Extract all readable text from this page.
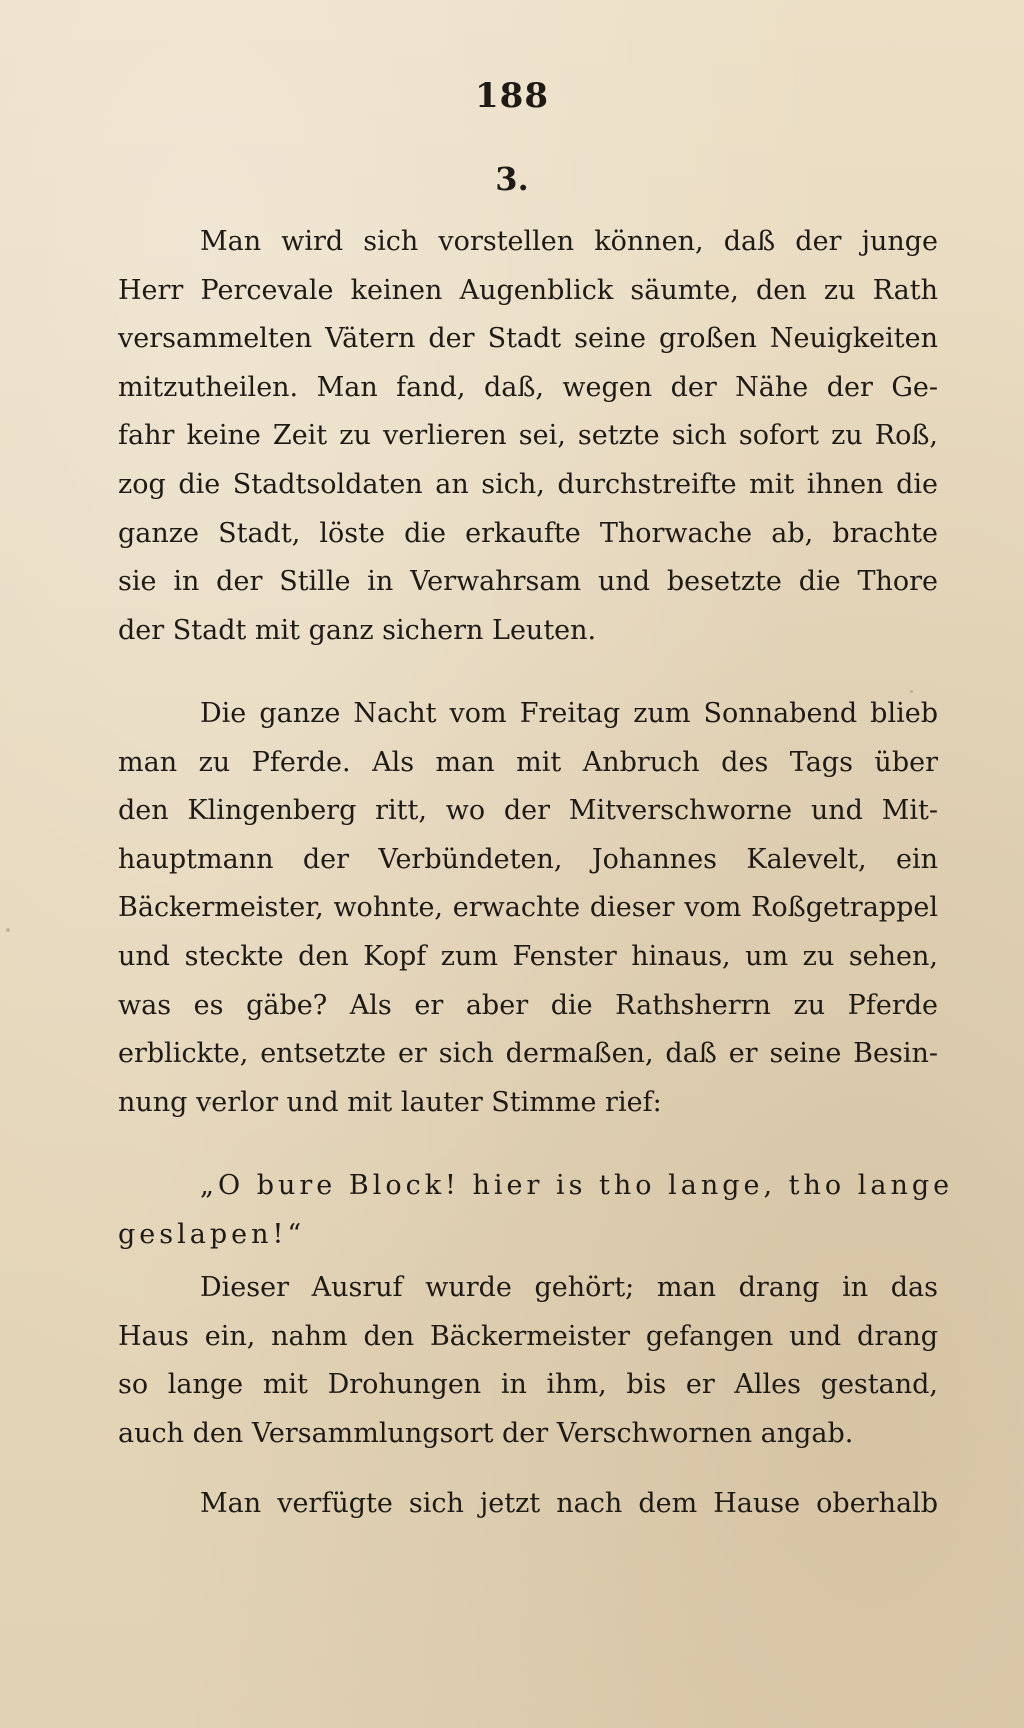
188
3.
Man wird sich vorstellen können, daß der junge
Herr Percevale keinen Augenblick säumte, den zu Rath
versammelten Vätern der Stadt seine großen Neuigkeiten
mitzutheilen. Man fand, daß, wegen der Nähe der Ge-
fahr keine Zeit zu verlieren sei, setzte sich sofort zu Roß,
zog die Stadtsoldaten an sich, durchstreifte mit ihnen die
ganze Stadt, löste die erkaufte Thorwache ab, brachte
sie in der Stille in Verwahrsam und besetzte die Thore
der Stadt mit ganz sichern Leuten.
Die ganze Nacht vom Freitag zum Sonnabend blieb
man zu Pferde. Als man mit Anbruch des Tags über
den Klingenberg ritt, wo der Mitverschworne und Mit-
hauptmann der Verbündeten, Johannes Kalevelt, ein
Bäckermeister, wohnte, erwachte dieser vom Roßgetrappel
und steckte den Kopf zum Fenster hinaus, um zu sehen,
was es gäbe? Als er aber die Rathsherrn zu Pferde
erblickte, entsetzte er sich dermaßen, daß er seine Besin-
nung verlor und mit lauter Stimme rief:
„O bure Block! hier is tho lange, tho lange
geslapen!“
Dieser Ausruf wurde gehört; man drang in das
Haus ein, nahm den Bäckermeister gefangen und drang
so lange mit Drohungen in ihm, bis er Alles gestand,
auch den Versammlungsort der Verschwornen angab.
Man verfügte sich jetzt nach dem Hause oberhalb
